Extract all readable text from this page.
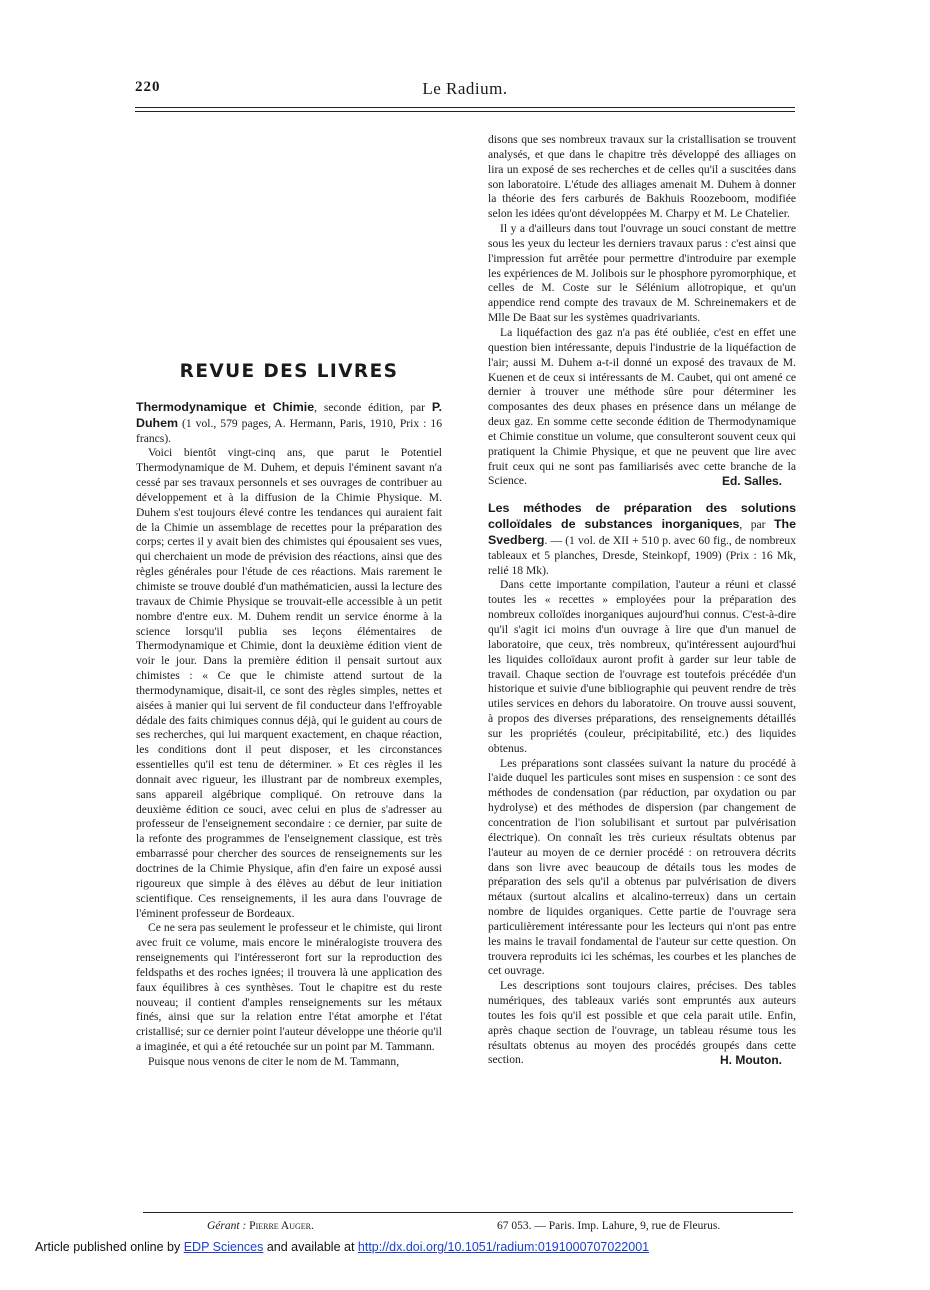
220	Le Radium.
REVUE DES LIVRES

Thermodynamique et Chimie, seconde édition, par P. Duhem (1 vol., 579 pages, A. Hermann, Paris, 1910, Prix : 16 francs).

Voici bientôt vingt-cinq ans, que parut le Potentiel Thermodynamique de M. Duhem, et depuis l'éminent savant n'a cessé par ses travaux personnels et ses ouvrages de contribuer au développement et à la diffusion de la Chimie Physique. M. Duhem s'est toujours élevé contre les tendances qui auraient fait de la Chimie un assemblage de recettes pour la préparation des corps; certes il y avait bien des chimistes qui épousaient ses vues, qui cherchaient un mode de prévision des réactions, ainsi que des règles générales pour l'étude de ces réactions. Mais rarement le chimiste se trouve doublé d'un mathématicien, aussi la lecture des travaux de Chimie Physique se trouvait-elle accessible à un petit nombre d'entre eux. M. Duhem rendit un service énorme à la science lorsqu'il publia ses leçons élémentaires de Thermodynamique et Chimie, dont la deuxième édition vient de voir le jour. Dans la première édition il pensait surtout aux chimistes : « Ce que le chimiste attend surtout de la thermodynamique, disait-il, ce sont des règles simples, nettes et aisées à manier qui lui servent de fil conducteur dans l'effroyable dédale des faits chimiques connus déjà, qui le guident au cours de ses recherches, qui lui marquent exactement, en chaque réaction, les conditions dont il peut disposer, et les circonstances essentielles qu'il est tenu de déterminer. » Et ces règles il les donnait avec rigueur, les illustrant par de nombreux exemples, sans appareil algébrique compliqué. On retrouve dans la deuxième édition ce souci, avec celui en plus de s'adresser au professeur de l'enseignement secondaire : ce dernier, par suite de la refonte des programmes de l'enseignement classique, est très embarrassé pour chercher des sources de renseignements sur les doctrines de la Chimie Physique, afin d'en faire un exposé aussi rigoureux que simple à des élèves au début de leur initiation scientifique. Ces renseignements, il les aura dans l'ouvrage de l'éminent professeur de Bordeaux.

Ce ne sera pas seulement le professeur et le chimiste, qui liront avec fruit ce volume, mais encore le minéralogiste trouvera des renseignements qui l'intéresseront fort sur la reproduction des feldspaths et des roches ignées; il trouvera là une application des faux équilibres à ces synthèses. Tout le chapitre est du reste nouveau; il contient d'amples renseignements sur les métaux finés, ainsi que sur la relation entre l'état amorphe et l'état cristallisé; sur ce dernier point l'auteur développe une théorie qu'il a imaginée, et qui a été retouchée sur un point par M. Tammann.

Puisque nous venons de citer le nom de M. Tammann,

disons que ses nombreux travaux sur la cristallisation se trouvent analysés, et que dans le chapitre très développé des alliages on lira un exposé de ses recherches et de celles qu'il a suscitées dans son laboratoire. L'étude des alliages amenait M. Duhem à donner la théorie des fers carburés de Bakhuis Roozeboom, modifiée selon les idées qu'ont développées M. Charpy et M. Le Chatelier.

Il y a d'ailleurs dans tout l'ouvrage un souci constant de mettre sous les yeux du lecteur les derniers travaux parus : c'est ainsi que l'impression fut arrêtée pour permettre d'introduire par exemple les expériences de M. Jolibois sur le phosphore pyromorphique, et celles de M. Coste sur le Sélénium allotropique, et qu'un appendice rend compte des travaux de M. Schreinemakers et de Mlle De Baat sur les systèmes quadrivariants.

La liquéfaction des gaz n'a pas été oubliée, c'est en effet une question bien intéressante, depuis l'industrie de la liquéfaction de l'air; aussi M. Duhem a-t-il donné un exposé des travaux de M. Kuenen et de ceux si intéressants de M. Caubet, qui ont amené ce dernier à trouver une méthode sûre pour déterminer les composantes des deux phases en présence dans un mélange de deux gaz. En somme cette seconde édition de Thermodynamique et Chimie constitue un volume, que consulteront souvent ceux qui pratiquent la Chimie Physique, et que ne peuvent que lire avec fruit ceux qui ne sont pas familiarisés avec cette branche de la Science.	Ed. Salles.

Les méthodes de préparation des solutions colloïdales de substances inorganiques, par The Svedberg. — (1 vol. de XII + 510 p. avec 60 fig., de nombreux tableaux et 5 planches, Dresde, Steinkopf, 1909) (Prix : 16 Mk, relié 18 Mk).

Dans cette importante compilation, l'auteur a réuni et classé toutes les « recettes » employées pour la préparation des nombreux colloïdes inorganiques aujourd'hui connus. C'est-à-dire qu'il s'agit ici moins d'un ouvrage à lire que d'un manuel de laboratoire, que ceux, très nombreux, qu'intéressent aujourd'hui les liquides colloïdaux auront profit à garder sur leur table de travail. Chaque section de l'ouvrage est toutefois précédée d'un historique et suivie d'une bibliographie qui peuvent rendre de très utiles services en dehors du laboratoire. On trouve aussi souvent, à propos des diverses préparations, des renseignements détaillés sur les propriétés (couleur, précipitabilité, etc.) des liquides obtenus.

Les préparations sont classées suivant la nature du procédé à l'aide duquel les particules sont mises en suspension : ce sont des méthodes de condensation (par réduction, par oxydation ou par hydrolyse) et des méthodes de dispersion (par changement de concentration de l'ion solubilisant et surtout par pulvérisation électrique). On connaît les très curieux résultats obtenus par l'auteur au moyen de ce dernier procédé : on retrouvera décrits dans son livre avec beaucoup de détails tous les modes de préparation des sels qu'il a obtenus par pulvérisation de divers métaux (surtout alcalins et alcalino-terreux) dans un certain nombre de liquides organiques. Cette partie de l'ouvrage sera particulièrement intéressante pour les lecteurs qui n'ont pas entre les mains le travail fondamental de l'auteur sur cette question. On trouvera reproduits ici les schémas, les courbes et les planches de cet ouvrage.

Les descriptions sont toujours claires, précises. Des tables numériques, des tableaux variés sont empruntés aux auteurs toutes les fois qu'il est possible et que cela parait utile. Enfin, après chaque section de l'ouvrage, un tableau résume tous les résultats obtenus au moyen des procédés groupés dans cette section.	H. Mouton.

Gérant : Pierre Auger.	67 053. — Paris. Imp. Lahure, 9, rue de Fleurus.
Article published online by EDP Sciences and available at http://dx.doi.org/10.1051/radium:0191000707022001
